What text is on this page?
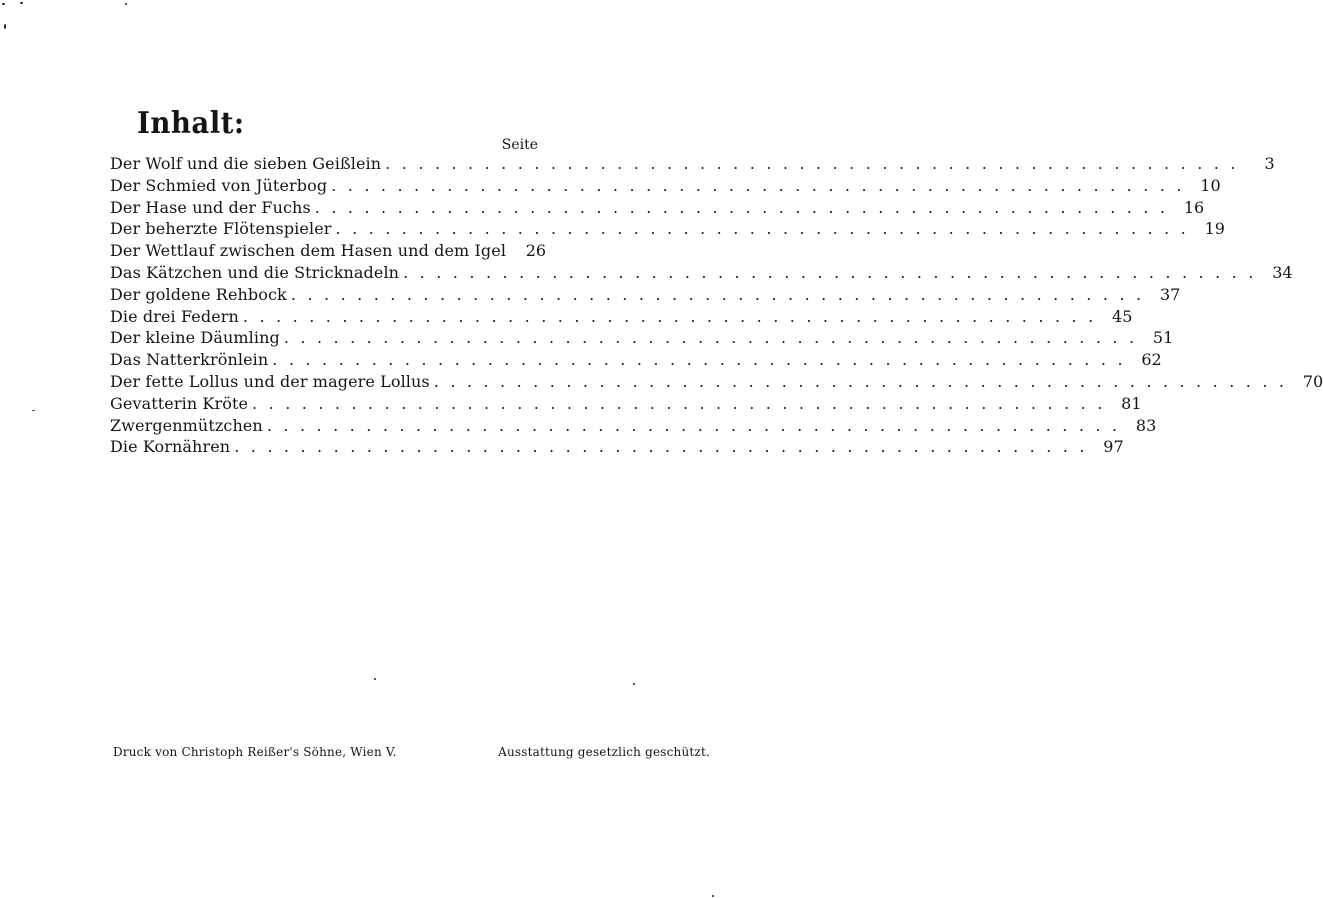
Inhalt:
Seite
Der Wolf und die sieben Geißlein . . .	3
Der Schmied von Jüterbog . . .	10
Der Hase und der Fuchs . . .	16
Der beherzte Flötenspieler . . .	19
Der Wettlauf zwischen dem Hasen und dem Igel	26
Das Kätzchen und die Stricknadeln . . .	34
Der goldene Rehbock . . .	37
Die drei Federn . . .	45
Der kleine Däumling . . .	51
Das Natterkrönlein . . .	62
Der fette Lollus und der magere Lollus . . .	70
Gevatterin Kröte . . .	81
Zwergenmützchen . . .	83
Die Kornähren . . .	97
Druck von Christoph Reißer's Söhne, Wien V.	Ausstattung gesetzlich geschützt.
